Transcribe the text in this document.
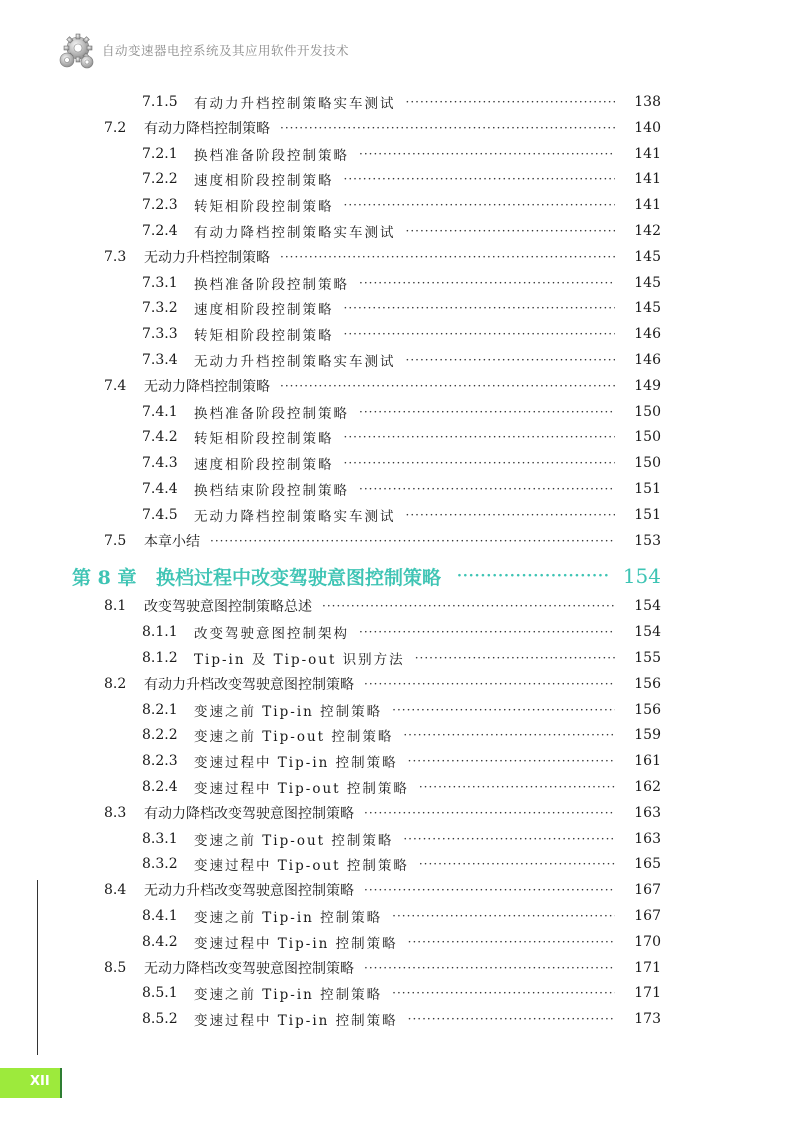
自动变速器电控系统及其应用软件开发技术
7.1.5	有动力升档控制策略实车测试 ·····	138
7.2	有动力降档控制策略 ·····	140
7.2.1	换档准备阶段控制策略 ·····	141
7.2.2	速度相阶段控制策略 ·····	141
7.2.3	转矩相阶段控制策略 ·····	141
7.2.4	有动力降档控制策略实车测试 ·····	142
7.3	无动力升档控制策略 ·····	145
7.3.1	换档准备阶段控制策略 ·····	145
7.3.2	速度相阶段控制策略 ·····	145
7.3.3	转矩相阶段控制策略 ·····	146
7.3.4	无动力升档控制策略实车测试 ·····	146
7.4	无动力降档控制策略 ·····	149
7.4.1	换档准备阶段控制策略 ·····	150
7.4.2	转矩相阶段控制策略 ·····	150
7.4.3	速度相阶段控制策略 ·····	150
7.4.4	换档结束阶段控制策略 ·····	151
7.4.5	无动力降档控制策略实车测试 ·····	151
7.5	本章小结 ·····	153
第 8 章	换档过程中改变驾驶意图控制策略 ·····	154
8.1	改变驾驶意图控制策略总述 ·····	154
8.1.1	改变驾驶意图控制架构 ·····	154
8.1.2	Tip-in 及 Tip-out 识别方法 ·····	155
8.2	有动力升档改变驾驶意图控制策略 ·····	156
8.2.1	变速之前 Tip-in 控制策略 ·····	156
8.2.2	变速之前 Tip-out 控制策略 ·····	159
8.2.3	变速过程中 Tip-in 控制策略 ·····	161
8.2.4	变速过程中 Tip-out 控制策略 ·····	162
8.3	有动力降档改变驾驶意图控制策略 ·····	163
8.3.1	变速之前 Tip-out 控制策略 ·····	163
8.3.2	变速过程中 Tip-out 控制策略 ·····	165
8.4	无动力升档改变驾驶意图控制策略 ·····	167
8.4.1	变速之前 Tip-in 控制策略 ·····	167
8.4.2	变速过程中 Tip-in 控制策略 ·····	170
8.5	无动力降档改变驾驶意图控制策略 ·····	171
8.5.1	变速之前 Tip-in 控制策略 ·····	171
8.5.2	变速过程中 Tip-in 控制策略 ·····	173
XII
